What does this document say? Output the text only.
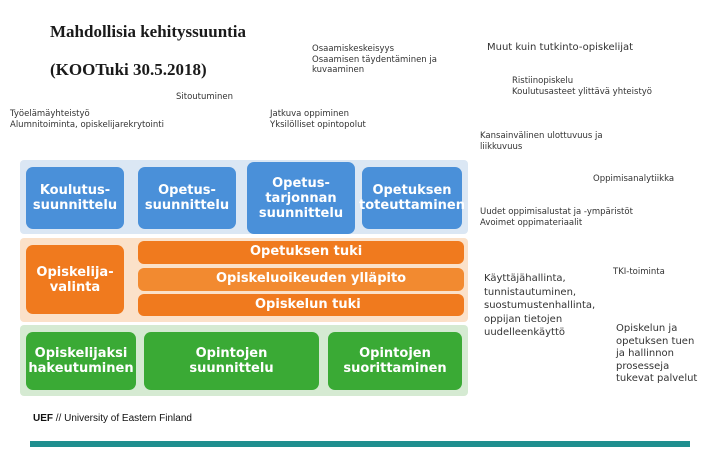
Mahdollisia kehityssuuntia
(KOOTuki 30.5.2018)
Osaamiskeskeisyys
Osaamisen täydentäminen ja
kuvaaminen
Muut kuin tutkinto-opiskelijat
Ristiinopiskelu
Koulutusasteet ylittävä yhteistyö
Sitoutuminen
Työelämäyhteistyö
Alumnitoiminta, opiskelijarekrytointi
Jatkuva oppiminen
Yksilölliset opintopolut
Kansainvälinen ulottuvuus ja
liikkuvuus
Oppimisanalytiikka
Uudet oppimisalustat ja -ympäristöt
Avoimet oppimateriaalit
TKI-toiminta
Käyttäjähallinta,
tunnistautuminen,
suostumustenhallinta,
oppijan tietojen
uudelleenkäyttö	Opiskelun ja
opetuksen tuen
ja hallinnon
prosesseja
tukevat palvelut
Koulutus-
suunnittelu
Opetus-
suunnittelu
Opetus-
tarjonnan
suunnittelu
Opetuksen
toteuttaminen
Opiskelija-
valinta
Opetuksen tuki
Opiskeluoikeuden ylläpito
Opiskelun tuki
Opiskelijaksi
hakeutuminen
Opintojen
suunnittelu
Opintojen
suorittaminen
UEF // University of Eastern Finland
